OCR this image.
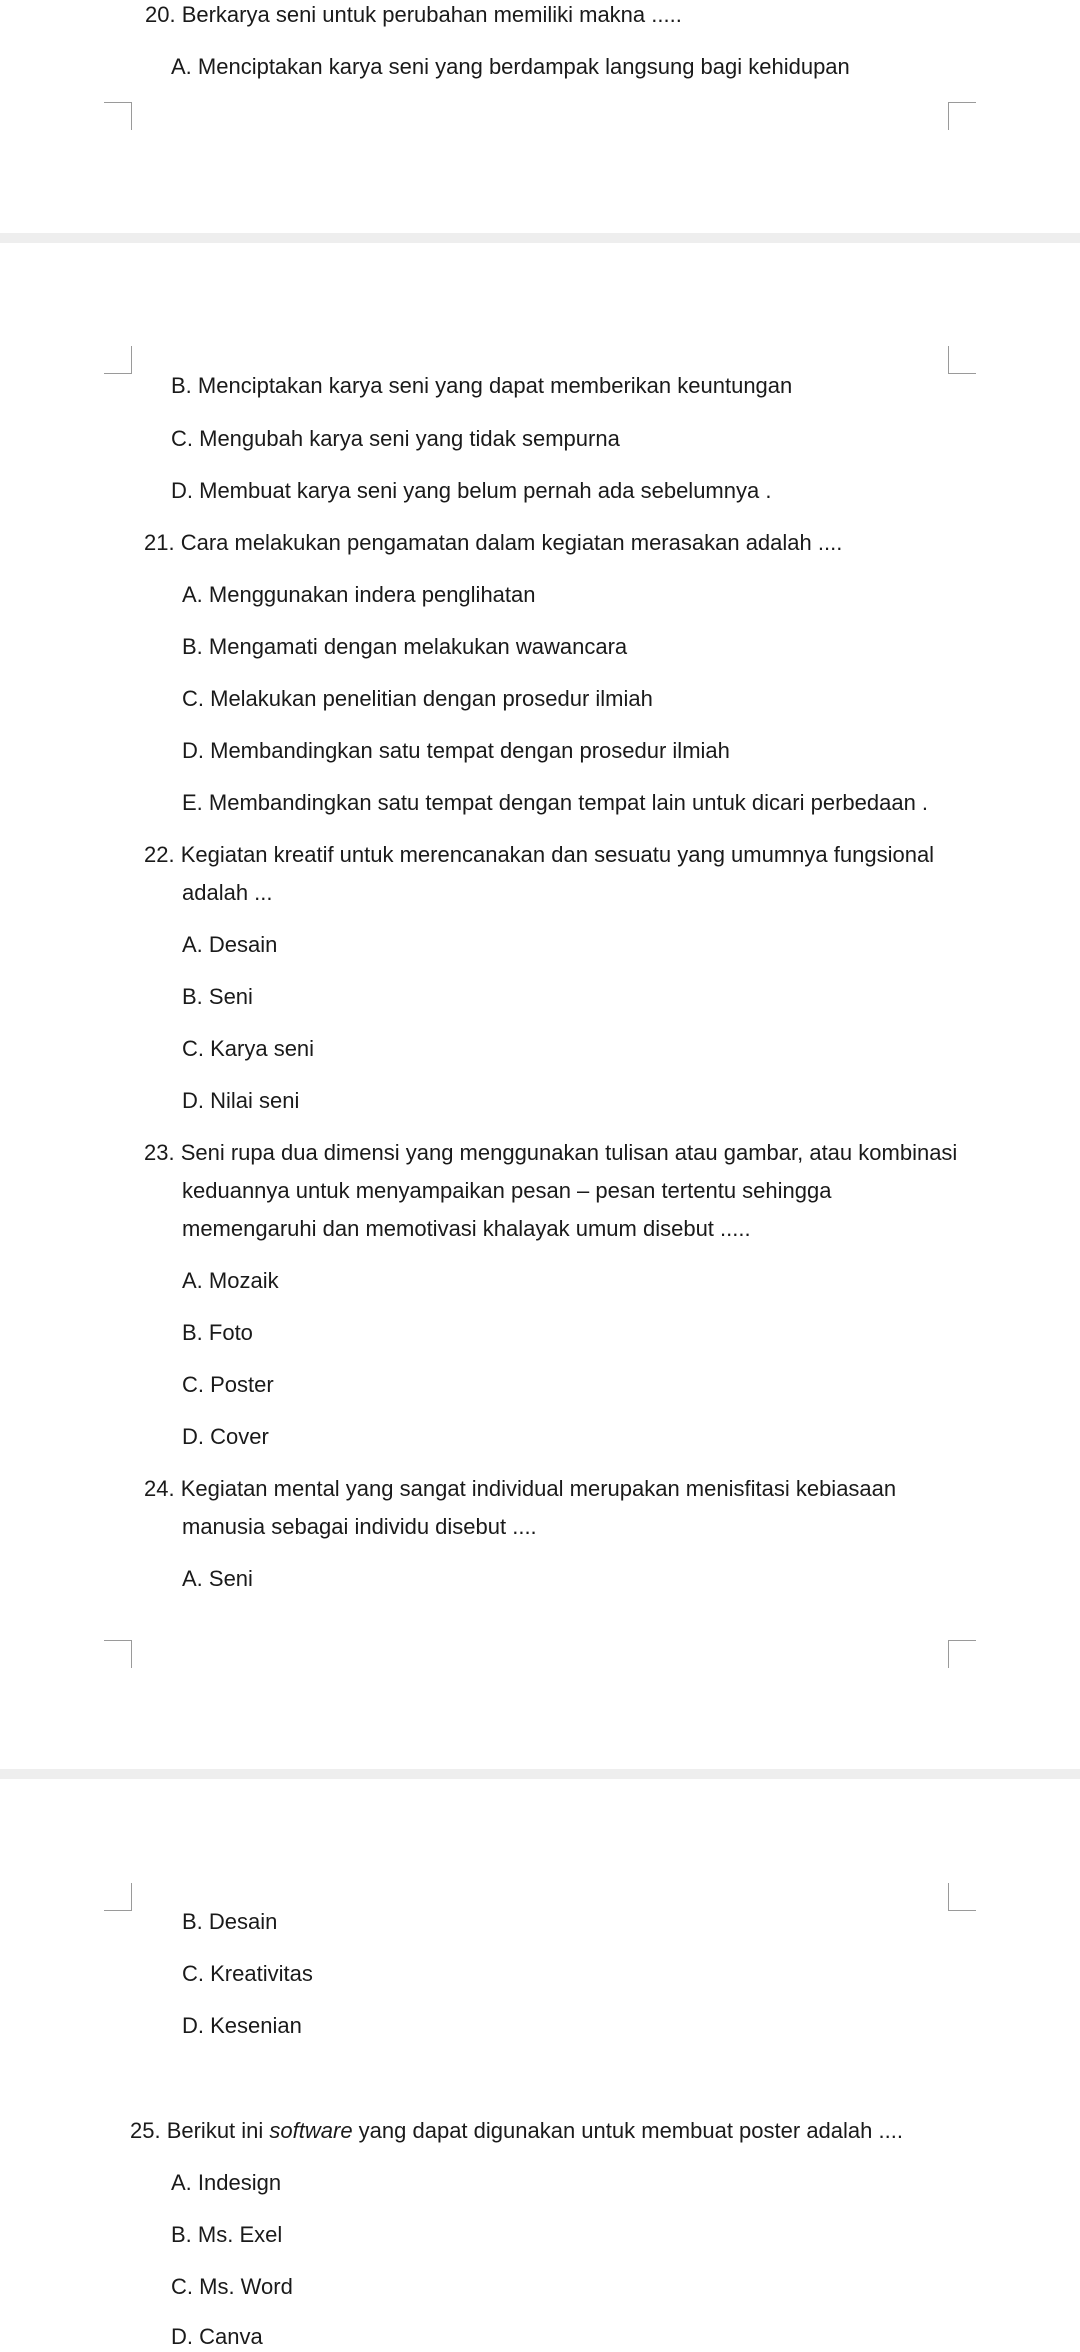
20. Berkarya seni untuk perubahan memiliki makna .....
A. Menciptakan karya seni yang berdampak langsung bagi kehidupan
B. Menciptakan karya seni yang dapat memberikan keuntungan
C. Mengubah karya seni yang tidak sempurna
D. Membuat karya seni yang belum pernah ada sebelumnya .
21. Cara melakukan pengamatan dalam kegiatan merasakan adalah ....
A. Menggunakan indera penglihatan
B. Mengamati dengan melakukan wawancara
C. Melakukan penelitian dengan prosedur ilmiah
D. Membandingkan satu tempat dengan prosedur ilmiah
E. Membandingkan satu tempat dengan tempat lain untuk dicari perbedaan .
22. Kegiatan kreatif untuk merencanakan dan sesuatu yang umumnya fungsional
adalah ...
A. Desain
B. Seni
C. Karya seni
D. Nilai seni
23. Seni rupa dua dimensi yang menggunakan tulisan atau gambar, atau kombinasi
keduannya untuk menyampaikan pesan – pesan tertentu sehingga
memengaruhi dan memotivasi khalayak umum disebut .....
A. Mozaik
B. Foto
C. Poster
D. Cover
24. Kegiatan mental yang sangat individual merupakan menisfitasi kebiasaan
manusia sebagai individu disebut ....
A. Seni
B. Desain
C. Kreativitas
D. Kesenian
25. Berikut ini software yang dapat digunakan untuk membuat poster adalah ....
A. Indesign
B. Ms. Exel
C. Ms. Word
D. Canva
